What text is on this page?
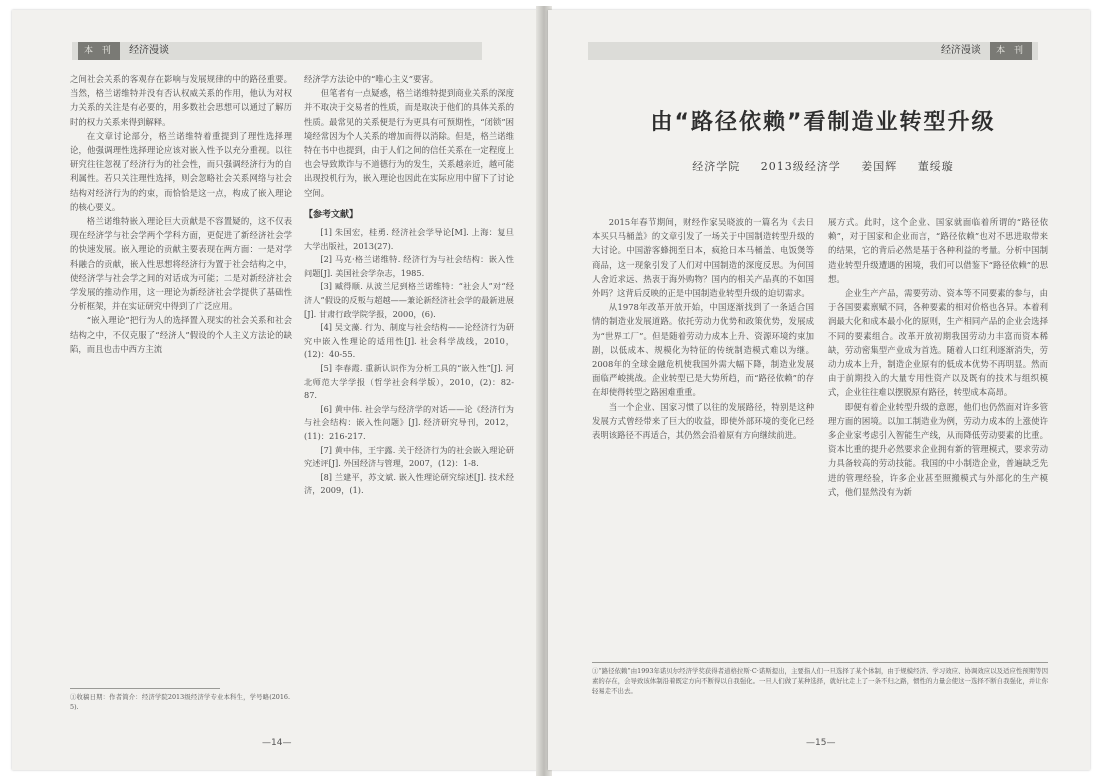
本 刊 经济漫谈

之间社会关系的客观存在影响与发展规律的中的路径重要。当然，格兰诺维特并没有否认权威关系的作用，他认为对权力关系的关注是有必要的，用多数社会思想可以通过了解历时的权力关系来得到解释。

在文章讨论部分，格兰诺维特着重提到了理性选择理论，他强调理性选择理论应该对嵌入性予以充分重视。以往研究往往忽视了经济行为的社会性，而只强调经济行为的自利属性。若只关注理性选择，则会忽略社会关系网络与社会结构对经济行为的约束，而恰恰是这一点，构成了嵌入理论的核心要义。

格兰诺维特嵌入理论巨大贡献是不容置疑的，这不仅表现在经济学与社会学两个学科方面，更促进了新经济社会学的快速发展。嵌入理论的贡献主要表现在两方面：一是对学科融合的贡献，嵌入性思想将经济行为置于社会结构之中，使经济学与社会学之间的对话成为可能；二是对新经济社会学发展的推动作用，这一理论为新经济社会学提供了基础性分析框架，并在实证研究中得到了广泛应用。

“嵌入理论”把行为人的选择置入现实的社会关系和社会结构之中，不仅克服了“经济人”假设的个人主义方法论的缺陷，而且也击中西方主流

经济学方法论中的“唯心主义”要害。

但笔者有一点疑惑，格兰诺维特提到商业关系的深度并不取决于交易者的性质，而是取决于他们的具体关系的性质。最常见的关系便是行为更具有可预期性，“闭锁”困境经常因为个人关系的增加而得以消除。但是，格兰诺维特在书中也提到，由于人们之间的信任关系在一定程度上也会导致欺诈与不道德行为的发生，关系越亲近，越可能出现投机行为，嵌入理论也因此在实际应用中留下了讨论空间。

【参考文献】

[1] 朱国宏，桂勇. 经济社会学导论[M]. 上海：复旦大学出版社，2013(27).

[2] 马克·格兰诺维特. 经济行为与社会结构：嵌入性问题[J]. 美国社会学杂志，1985.

[3] 臧得顺. 从波兰尼到格兰诺维特：“社会人”对“经济人”假设的反叛与超越——兼论新经济社会学的最新进展[J]. 甘肃行政学院学报，2000，(6).

[4] 吴文藻. 行为、制度与社会结构——论经济行为研究中嵌入性理论的适用性[J]. 社会科学战线，2010，(12)：40-55.

[5] 李春霞. 重新认识作为分析工具的“嵌入性”[J]. 河北师范大学学报（哲学社会科学版），2010，(2)：82-87.

[6] 黄中伟. 社会学与经济学的对话——论《经济行为与社会结构：嵌入性问题》[J]. 经济研究导刊，2012，(11)：216-217.

[7] 黄中伟，王宇露. 关于经济行为的社会嵌入理论研究述评[J]. 外国经济与管理，2007，(12)：1-8.

[8] 兰建平，苏文斌. 嵌入性理论研究综述[J]. 技术经济，2009，(1).

①收稿日期：作者简介：经济学院2013级经济学专业本科生，学号略(2016. 5).
—14—
经济漫谈 本 刊
由“路径依赖”看制造业转型升级
经济学院 2013级经济学 姜国辉 董绥璇

2015年春节期间，财经作家吴晓波的一篇名为《去日本买只马桶盖》的文章引发了一场关于中国制造转型升级的大讨论。中国游客蜂拥至日本，疯抢日本马桶盖、电饭煲等商品，这一现象引发了人们对中国制造的深度反思。为何国人舍近求远、热衷于海外购物？国内的相关产品真的不如国外吗？这背后反映的正是中国制造业转型升级的迫切需求。

从1978年改革开放开始，中国逐渐找到了一条适合国情的制造业发展道路。依托劳动力优势和政策优势，发展成为“世界工厂”。但是随着劳动力成本上升、资源环境约束加剧，以低成本、规模化为特征的传统制造模式难以为继。2008年的全球金融危机使我国外需大幅下降，制造业发展面临严峻挑战。企业转型已是大势所趋，而“路径依赖”的存在却使得转型之路困难重重。

当一个企业、国家习惯了以往的发展路径，特别是这种发展方式曾经带来了巨大的收益，即使外部环境的变化已经表明该路径不再适合，其仍然会沿着原有方向继续前进。

展方式。此时，这个企业、国家就面临着所谓的“路径依赖”，对于国家和企业而言，“路径依赖”也对不思进取带来的结果，它的背后必然是基于各种利益的考量。分析中国制造业转型升级遭遇的困境，我们可以借鉴下“路径依赖”的思想。

企业生产产品，需要劳动、资本等不同要素的参与，由于各国要素禀赋不同，各种要素的相对价格也各异。本着利润最大化和成本最小化的原则，生产相同产品的企业会选择不同的要素组合。改革开放初期我国劳动力丰富而资本稀缺，劳动密集型产业成为首选。随着人口红利逐渐消失，劳动力成本上升，制造企业原有的低成本优势不再明显。然而由于前期投入的大量专用性资产以及既有的技术与组织模式，企业往往难以摆脱原有路径，转型成本高昂。

即便有着企业转型升级的意愿，他们也仍然面对许多管理方面的困境。以加工制造业为例，劳动力成本的上涨使许多企业家考虑引入智能生产线，从而降低劳动要素的比重。资本比重的提升必然要求企业拥有新的管理模式，要求劳动力具备较高的劳动技能。我国的中小制造企业，普遍缺乏先进的管理经验，许多企业甚至照搬模式与外部化的生产模式，他们显然没有为新

①“路径依赖”由1993年诺贝尔经济学奖获得者道格拉斯·C·诺斯提出，主要指人们一旦选择了某个体制，由于规模经济、学习效应、协调效应以及适应性预期等因素的存在，会导致该体制沿着既定方向不断得以自我强化。一旦人们做了某种选择，就好比走上了一条不归之路，惯性的力量会使这一选择不断自我强化，并让你轻易走不出去。
—15—
